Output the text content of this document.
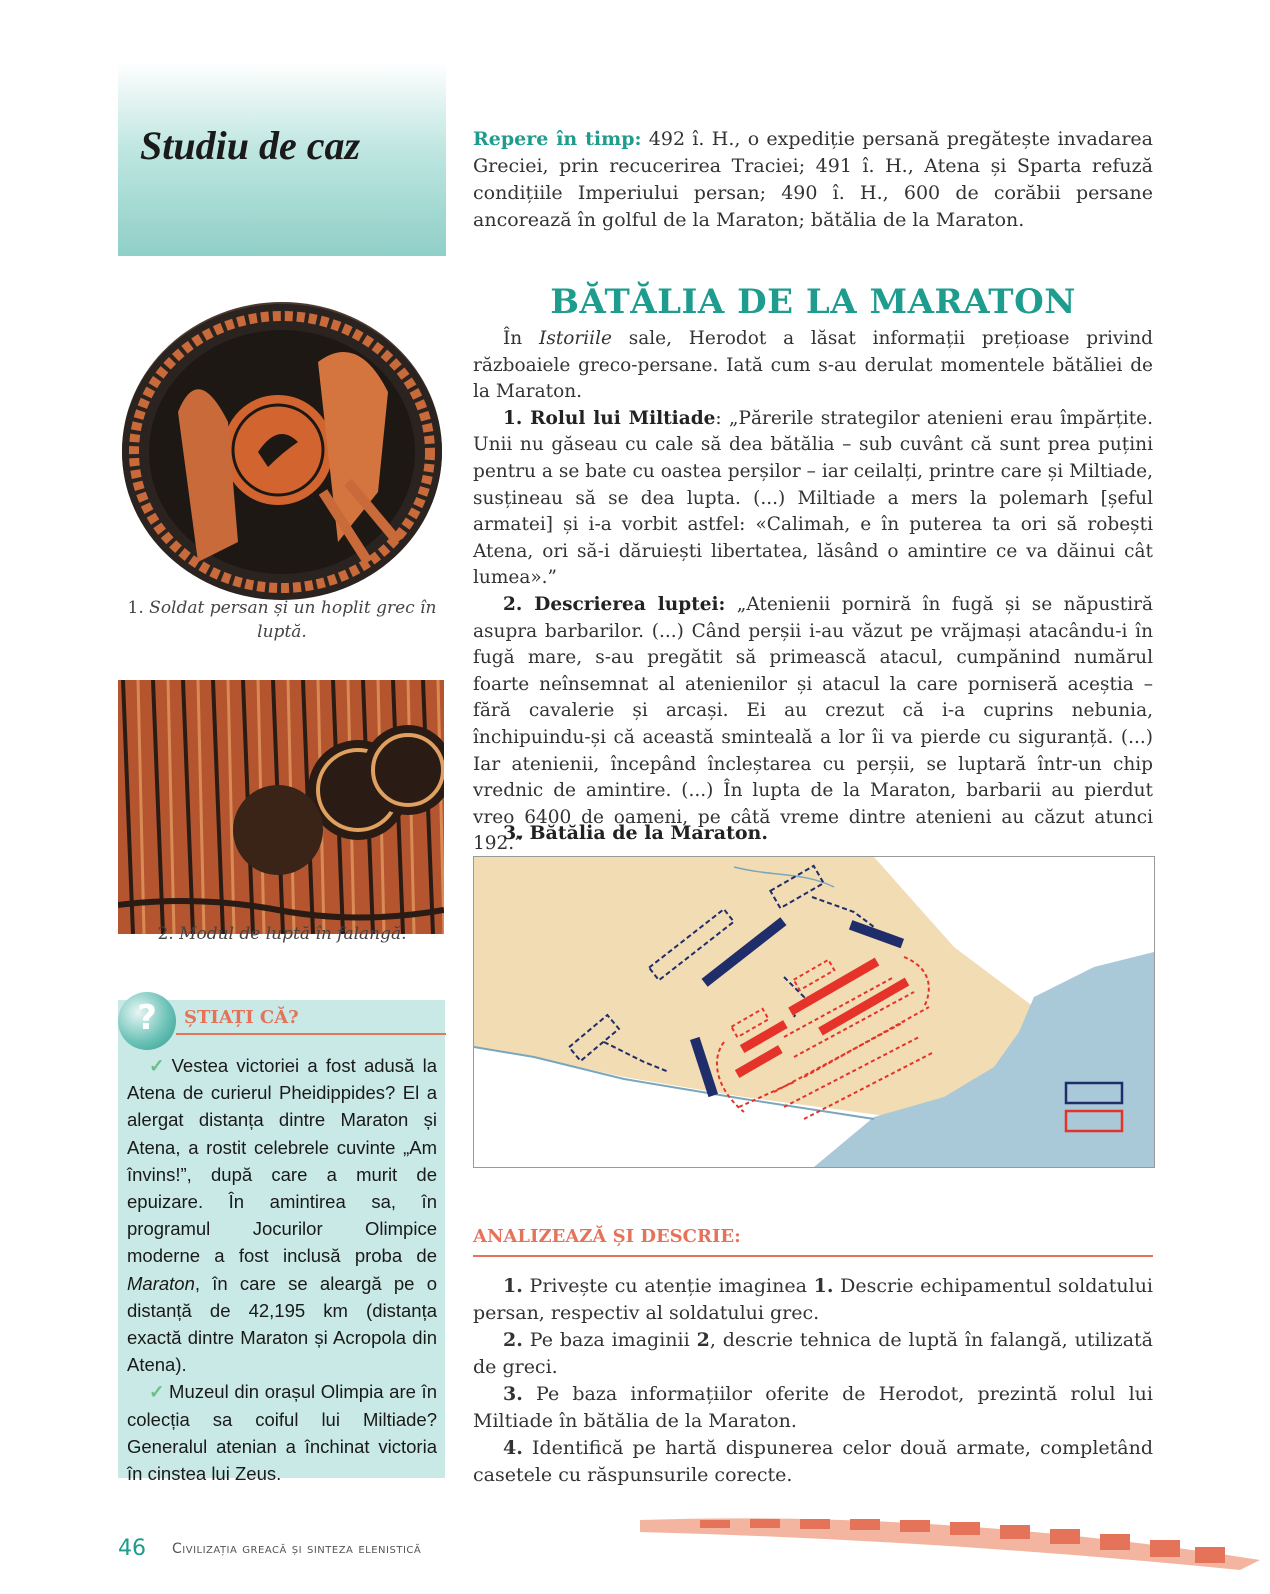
Studiu de caz	Repere în timp: 492 î. H., o expediție persană pregătește invadarea Greciei, prin recucerirea Traciei; 491 î. H., Atena și Sparta refuză condițiile Imperiului persan; 490 î. H., 600 de corăbii persane ancorează în golful de la Maraton; bătălia de la Maraton.
BĂTĂLIA DE LA MARATON

În Istoriile sale, Herodot a lăsat informații prețioase privind războaiele greco-persane. Iată cum s-au derulat momentele bătăliei de la Maraton.

1. Rolul lui Miltiade: „Părerile strategilor atenieni erau împărțite. Unii nu găseau cu cale să dea bătălia – sub cuvânt că sunt prea puțini pentru a se bate cu oastea perșilor – iar ceilalți, printre care și Miltiade, susțineau să se dea lupta. (...) Miltiade a mers la polemarh [șeful armatei] și i-a vorbit astfel: «Calimah, e în puterea ta ori să robești Atena, ori să-i dăruiești libertatea, lăsând o amintire ce va dăinui cât lumea».”

2. Descrierea luptei: „Atenienii porniră în fugă și se năpustiră asupra barbarilor. (...) Când perșii i-au văzut pe vrăjmași atacându-i în fugă mare, s-au pregătit să primească atacul, cumpănind numărul foarte neînsemnat al atenienilor și atacul la care porniseră aceștia – fără cavalerie și arcași. Ei au crezut că i-a cuprins nebunia, închipuindu-și că această sminteală a lor îi va pierde cu siguranță. (...) Iar atenienii, începând încleștarea cu perșii, se luptară într-un chip vrednic de amintire. (...) În lupta de la Maraton, barbarii au pierdut vreo 6400 de oameni, pe câtă vreme dintre atenieni au căzut atunci 192.”

3. Bătălia de la Maraton.
1. Soldat persan și un hoplit grec în luptă.
2. Modul de luptă în falangă.
?	ȘTIAȚI CĂ?

✓ Vestea victoriei a fost adusă la Atena de curierul Pheidippides? El a alergat distanța dintre Maraton și Atena, a rostit celebrele cuvinte „Am învins!”, după care a murit de epuizare. În amintirea sa, în programul Jocurilor Olimpice moderne a fost inclusă proba de Maraton, în care se aleargă pe o distanță de 42,195 km (distanța exactă dintre Maraton și Acropola din Atena).

✓ Muzeul din orașul Olimpia are în colecția sa coiful lui Miltiade? Generalul atenian a închinat victoria în cinstea lui Zeus.

ANALIZEAZĂ ȘI DESCRIE:

1. Privește cu atenție imaginea 1. Descrie echipamentul soldatului persan, respectiv al soldatului grec.

2. Pe baza imaginii 2, descrie tehnica de luptă în falangă, utilizată de greci.

3. Pe baza informațiilor oferite de Herodot, prezintă rolul lui Miltiade în bătălia de la Maraton.

4. Identifică pe hartă dispunerea celor două armate, completând casetele cu răspunsurile corecte.

46 Civilizația greacă și sinteza elenistică
